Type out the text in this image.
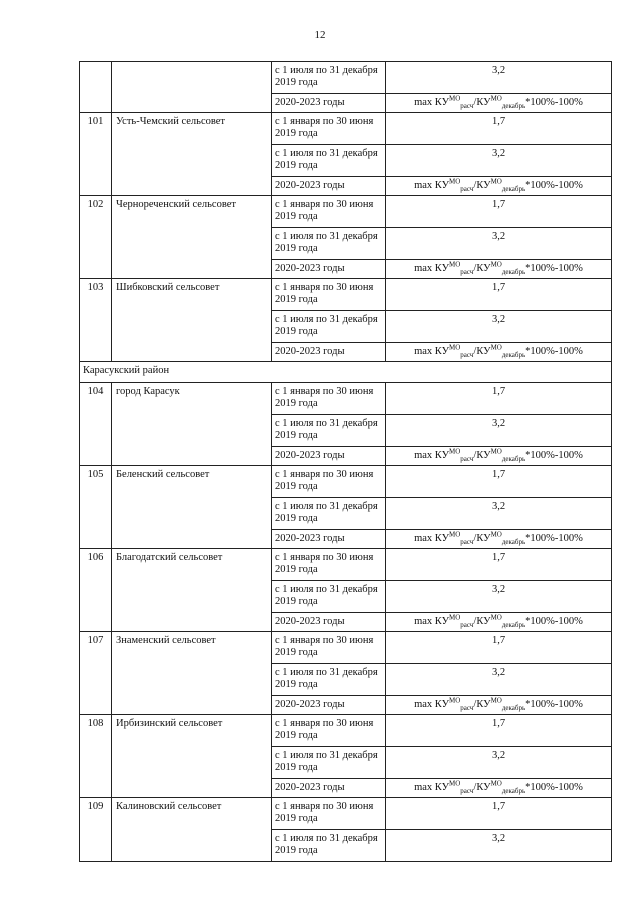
12
		с 1 июля по 31 декабря 2019 года	3,2
		2020-2023 годы	$\max КУ^{МО}_{расч}/КУ^{МО}_{декабрь}*100\%-100\%$
101	Усть-Чемский сельсовет	с 1 января по 30 июня 2019 года	1,7
		с 1 июля по 31 декабря 2019 года	3,2
		2020-2023 годы	$\max КУ^{МО}_{расч}/КУ^{МО}_{декабрь}*100\%-100\%$
102	Чернореченский сельсовет	с 1 января по 30 июня 2019 года	1,7
		с 1 июля по 31 декабря 2019 года	3,2
		2020-2023 годы	$\max КУ^{МО}_{расч}/КУ^{МО}_{декабрь}*100\%-100\%$
103	Шибковский сельсовет	с 1 января по 30 июня 2019 года	1,7
		с 1 июля по 31 декабря 2019 года	3,2
		2020-2023 годы	$\max КУ^{МО}_{расч}/КУ^{МО}_{декабрь}*100\%-100\%$
Карасукский район			
104	город Карасук	с 1 января по 30 июня 2019 года	1,7
		с 1 июля по 31 декабря 2019 года	3,2
		2020-2023 годы	$\max КУ^{МО}_{расч}/КУ^{МО}_{декабрь}*100\%-100\%$
105	Беленский сельсовет	с 1 января по 30 июня 2019 года	1,7
		с 1 июля по 31 декабря 2019 года	3,2
		2020-2023 годы	$\max КУ^{МО}_{расч}/КУ^{МО}_{декабрь}*100\%-100\%$
106	Благодатский сельсовет	с 1 января по 30 июня 2019 года	1,7
		с 1 июля по 31 декабря 2019 года	3,2
		2020-2023 годы	$\max КУ^{МО}_{расч}/КУ^{МО}_{декабрь}*100\%-100\%$
107	Знаменский сельсовет	с 1 января по 30 июня 2019 года	1,7
		с 1 июля по 31 декабря 2019 года	3,2
		2020-2023 годы	$\max КУ^{МО}_{расч}/КУ^{МО}_{декабрь}*100\%-100\%$
108	Ирбизинский сельсовет	с 1 января по 30 июня 2019 года	1,7
		с 1 июля по 31 декабря 2019 года	3,2
		2020-2023 годы	$\max КУ^{МО}_{расч}/КУ^{МО}_{декабрь}*100\%-100\%$
109	Калиновский сельсовет	с 1 января по 30 июня 2019 года	1,7
		с 1 июля по 31 декабря 2019 года	3,2
